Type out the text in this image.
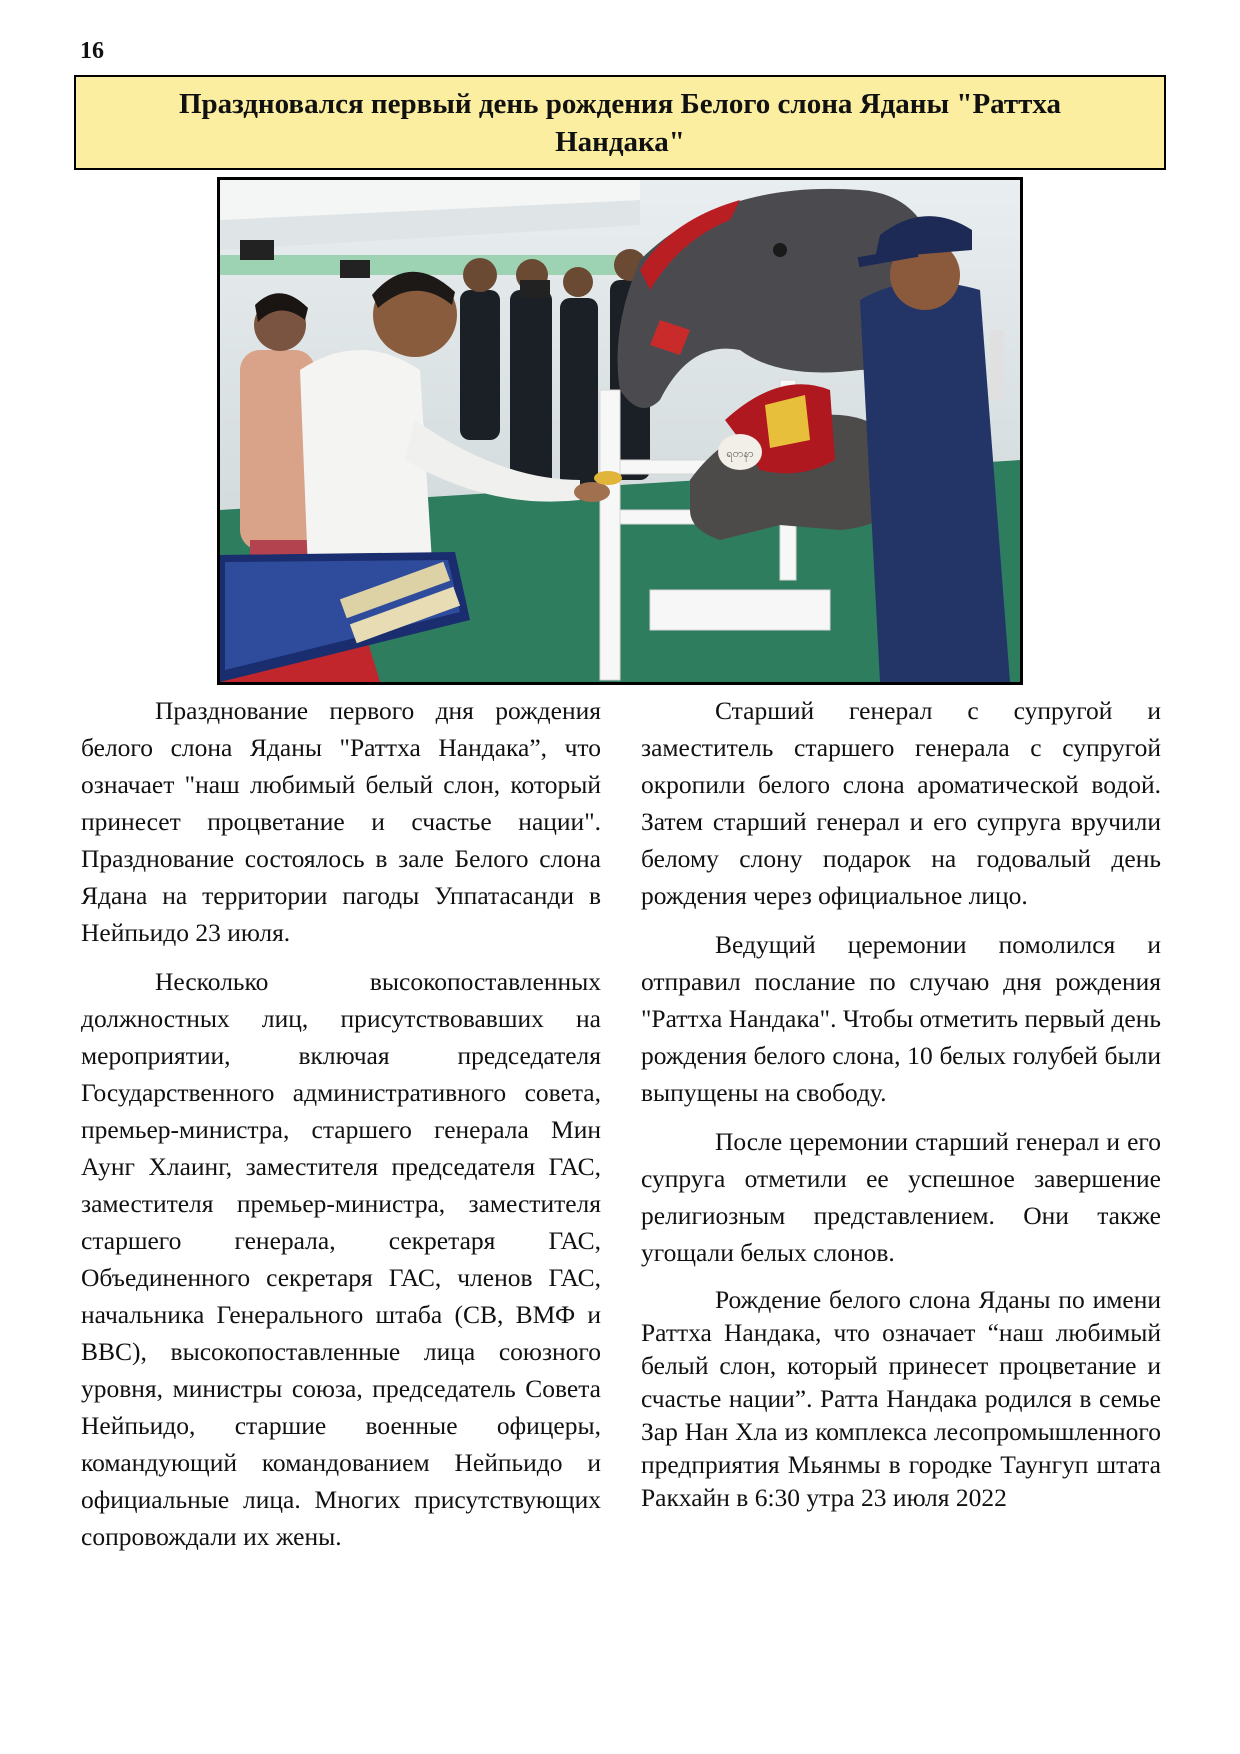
16
Праздновался первый день рождения Белого слона Яданы "Раттха Нандака"
ရတနာ

Празднование первого дня рождения белого слона Яданы "Раттха Нандака”, что означает "наш любимый белый слон, который принесет процветание и счастье нации". Празднование состоялось в зале Белого слона Ядана на территории пагоды Уппатасанди в Нейпьидо 23 июля.

Несколько высокопоставленных должностных лиц, присутствовавших на мероприятии, включая председателя Государственного административного совета, премьер-министра, старшего генерала Мин Аунг Хлаинг, заместителя председателя ГАС, заместителя премьер-министра, заместителя старшего генерала, секретаря ГАС, Объединенного секретаря ГАС, членов ГАС, начальника Генерального штаба (СВ, ВМФ и ВВС), высокопоставленные лица союзного уровня, министры союза, председатель Совета Нейпьидо, старшие военные офицеры, командующий командованием Нейпьидо и официальные лица. Многих присутствующих сопровождали их жены.

Старший генерал с супругой и заместитель старшего генерала с супругой окропили белого слона ароматической водой. Затем старший генерал и его супруга вручили белому слону подарок на годовалый день рождения через официальное лицо.

Ведущий церемонии помолился и отправил послание по случаю дня рождения "Раттха Нандака". Чтобы отметить первый день рождения белого слона, 10 белых голубей были выпущены на свободу.

После церемонии старший генерал и его супруга отметили ее успешное завершение религиозным представлением. Они также угощали белых слонов.

Рождение белого слона Яданы по имени Раттха Нандака, что означает “наш любимый белый слон, который принесет процветание и счастье нации”. Ратта Нандака родился в семье Зар Нан Хла из комплекса лесопромышленного предприятия Мьянмы в городке Таунгуп штата Ракхайн в 6:30 утра 23 июля 2022
